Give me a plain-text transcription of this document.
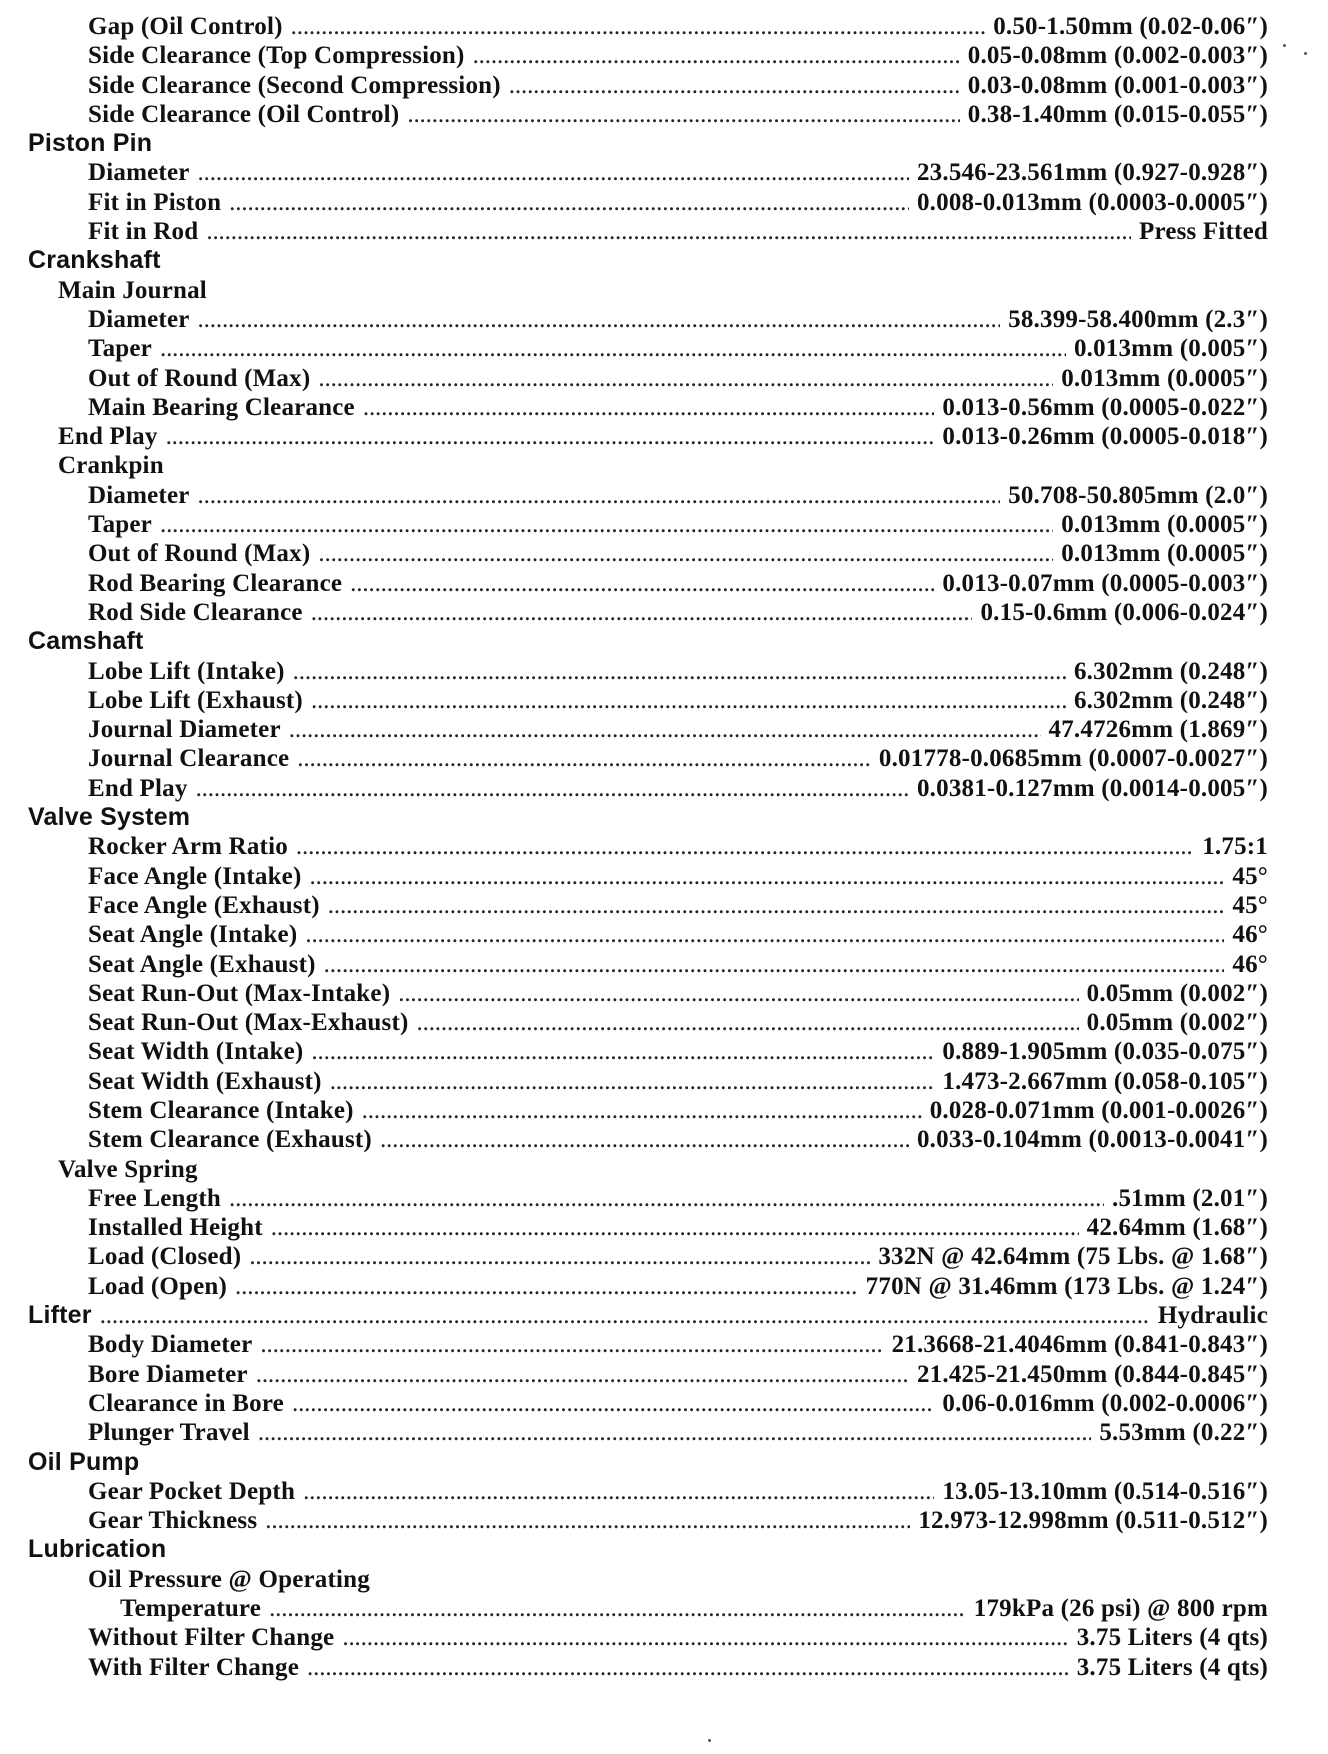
Gap (Oil Control) . . .	0.50-1.50mm (0.02-0.06″)
Side Clearance (Top Compression) . . .	0.05-0.08mm (0.002-0.003″)
Side Clearance (Second Compression) . . .	0.03-0.08mm (0.001-0.003″)
Side Clearance (Oil Control) . . .	0.38-1.40mm (0.015-0.055″)
Piston Pin
Diameter . . .	23.546-23.561mm (0.927-0.928″)
Fit in Piston . . .	0.008-0.013mm (0.0003-0.0005″)
Fit in Rod . . .	Press Fitted
Crankshaft
Main Journal
Diameter . . .	58.399-58.400mm (2.3″)
Taper . . .	0.013mm (0.005″)
Out of Round (Max) . . .	0.013mm (0.0005″)
Main Bearing Clearance . . .	0.013-0.56mm (0.0005-0.022″)
End Play . . .	0.013-0.26mm (0.0005-0.018″)
Crankpin
Diameter . . .	50.708-50.805mm (2.0″)
Taper . . .	0.013mm (0.0005″)
Out of Round (Max) . . .	0.013mm (0.0005″)
Rod Bearing Clearance . . .	0.013-0.07mm (0.0005-0.003″)
Rod Side Clearance . . .	0.15-0.6mm (0.006-0.024″)
Camshaft
Lobe Lift (Intake) . . .	6.302mm (0.248″)
Lobe Lift (Exhaust) . . .	6.302mm (0.248″)
Journal Diameter . . .	47.4726mm (1.869″)
Journal Clearance . . .	0.01778-0.0685mm (0.0007-0.0027″)
End Play . . .	0.0381-0.127mm (0.0014-0.005″)
Valve System
Rocker Arm Ratio . . .	1.75:1
Face Angle (Intake) . . .	45°
Face Angle (Exhaust) . . .	45°
Seat Angle (Intake) . . .	46°
Seat Angle (Exhaust) . . .	46°
Seat Run-Out (Max-Intake) . . .	0.05mm (0.002″)
Seat Run-Out (Max-Exhaust) . . .	0.05mm (0.002″)
Seat Width (Intake) . . .	0.889-1.905mm (0.035-0.075″)
Seat Width (Exhaust) . . .	1.473-2.667mm (0.058-0.105″)
Stem Clearance (Intake) . . .	0.028-0.071mm (0.001-0.0026″)
Stem Clearance (Exhaust) . . .	0.033-0.104mm (0.0013-0.0041″)
Valve Spring
Free Length . . .	.51mm (2.01″)
Installed Height . . .	42.64mm (1.68″)
Load (Closed) . . .	332N @ 42.64mm (75 Lbs. @ 1.68″)
Load (Open) . . .	770N @ 31.46mm (173 Lbs. @ 1.24″)
Lifter . . .	Hydraulic
Body Diameter . . .	21.3668-21.4046mm (0.841-0.843″)
Bore Diameter . . .	21.425-21.450mm (0.844-0.845″)
Clearance in Bore . . .	0.06-0.016mm (0.002-0.0006″)
Plunger Travel . . .	5.53mm (0.22″)
Oil Pump
Gear Pocket Depth . . .	13.05-13.10mm (0.514-0.516″)
Gear Thickness . . .	12.973-12.998mm (0.511-0.512″)
Lubrication
Oil Pressure @ Operating
Temperature . . .	179kPa (26 psi) @ 800 rpm
Without Filter Change . . .	3.75 Liters (4 qts)
With Filter Change . . .	3.75 Liters (4 qts)
